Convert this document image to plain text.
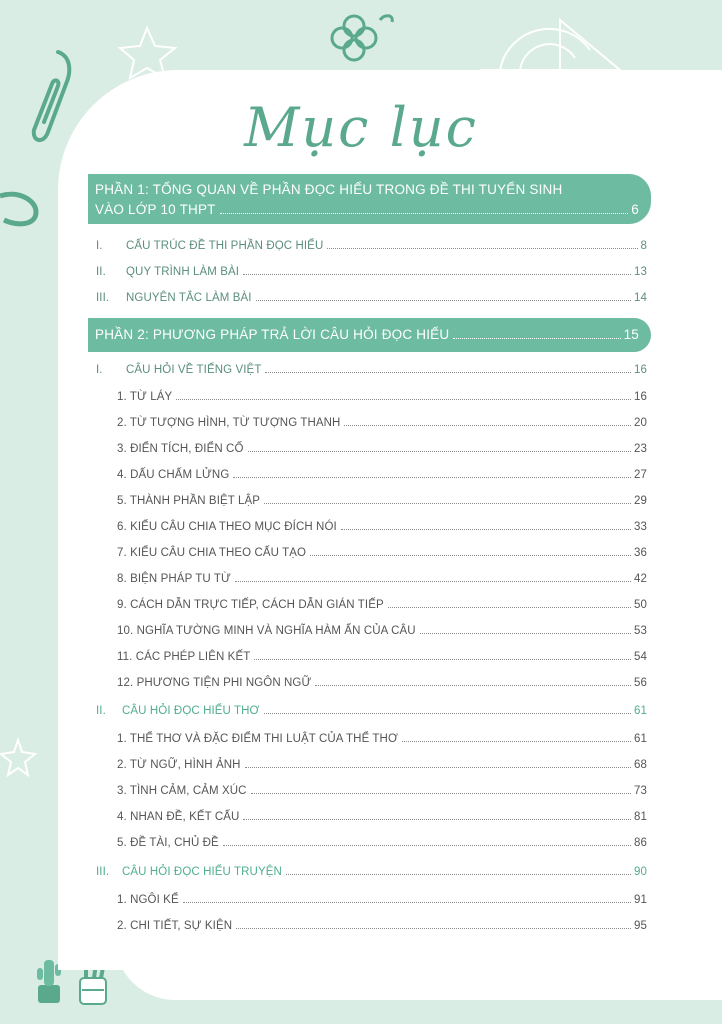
Mục lục
PHẦN 1: TỔNG QUAN VỀ PHẦN ĐỌC HIỂU TRONG ĐỀ THI TUYỂN SINH
VÀO LỚP 10 THPT	6
I.	CẤU TRÚC ĐỀ THI PHẦN ĐỌC HIỂU	8
II.	QUY TRÌNH LÀM BÀI	13
III.	NGUYÊN TẮC LÀM BÀI	14
PHẦN 2: PHƯƠNG PHÁP TRẢ LỜI CÂU HỎI ĐỌC HIỂU	15
I.	CÂU HỎI VỀ TIẾNG VIỆT	16
1. TỪ LÁY	16
2. TỪ TƯỢNG HÌNH, TỪ TƯỢNG THANH	20
3. ĐIỂN TÍCH, ĐIỂN CỐ	23
4. DẤU CHẤM LỬNG	27
5. THÀNH PHẦN BIỆT LẬP	29
6. KIỂU CÂU CHIA THEO MỤC ĐÍCH NÓI	33
7. KIỂU CÂU CHIA THEO CẤU TẠO	36
8. BIỆN PHÁP TU TỪ	42
9. CÁCH DẪN TRỰC TIẾP, CÁCH DẪN GIÁN TIẾP	50
10. NGHĨA TƯỜNG MINH VÀ NGHĨA HÀM ẨN CỦA CÂU	53
11. CÁC PHÉP LIÊN KẾT	54
12. PHƯƠNG TIỆN PHI NGÔN NGỮ	56
II.	CÂU HỎI ĐỌC HIỂU THƠ	61
1. THỂ THƠ VÀ ĐẶC ĐIỂM THI LUẬT CỦA THỂ THƠ	61
2. TỪ NGỮ, HÌNH ẢNH	68
3. TÌNH CẢM, CẢM XÚC	73
4. NHAN ĐỀ, KẾT CẤU	81
5. ĐỀ TÀI, CHỦ ĐỀ	86
III.	CÂU HỎI ĐỌC HIỂU TRUYỆN	90
1. NGÔI KỂ	91
2. CHI TIẾT, SỰ KIỆN	95
